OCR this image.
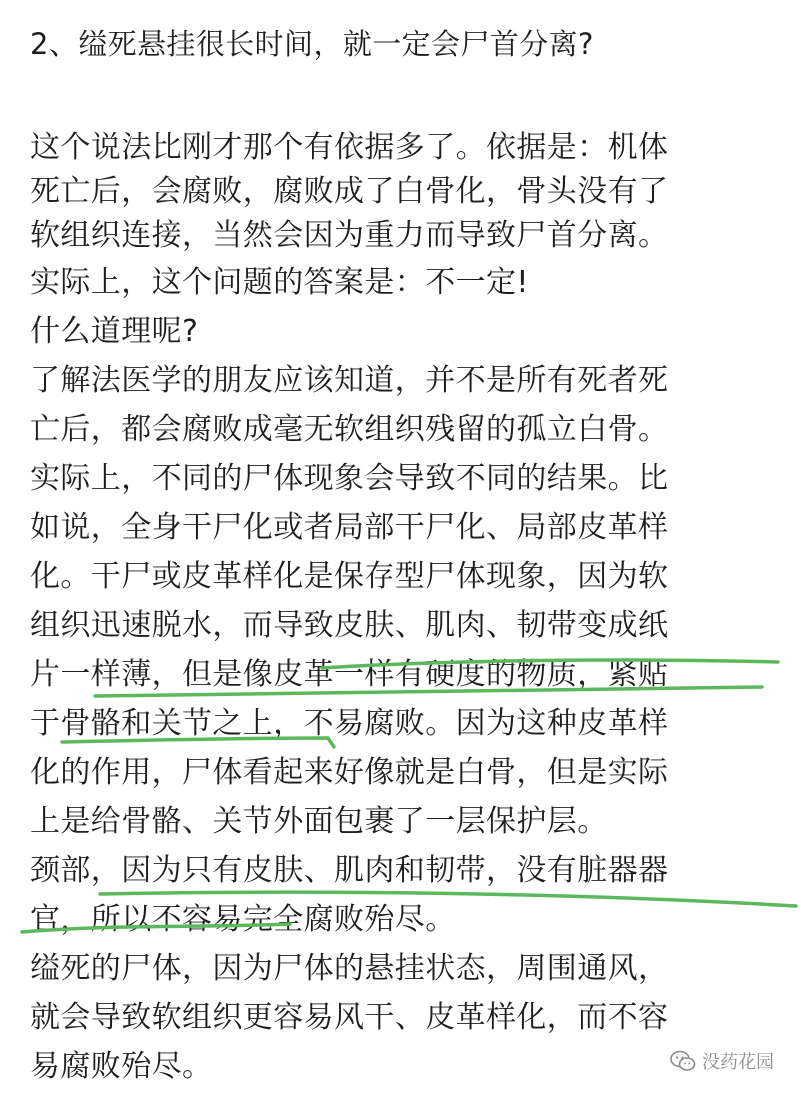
2、缢死悬挂很长时间，就一定会尸首分离?
这个说法比刚才那个有依据多了。依据是：机体
死亡后，会腐败，腐败成了白骨化，骨头没有了
软组织连接，当然会因为重力而导致尸首分离。
实际上，这个问题的答案是：不一定!
什么道理呢?
了解法医学的朋友应该知道，并不是所有死者死
亡后，都会腐败成毫无软组织残留的孤立白骨。
实际上，不同的尸体现象会导致不同的结果。比
如说，全身干尸化或者局部干尸化、局部皮革样
化。干尸或皮革样化是保存型尸体现象，因为软
组织迅速脱水，而导致皮肤、肌肉、韧带变成纸
片一样薄，但是像皮革一样有硬度的物质，紧贴
于骨骼和关节之上，不易腐败。因为这种皮革样
化的作用，尸体看起来好像就是白骨，但是实际
上是给骨骼、关节外面包裹了一层保护层。
颈部，因为只有皮肤、肌肉和韧带，没有脏器器
官，所以不容易完全腐败殆尽。
缢死的尸体，因为尸体的悬挂状态，周围通风，
就会导致软组织更容易风干、皮革样化，而不容
易腐败殆尽。	没药花园
